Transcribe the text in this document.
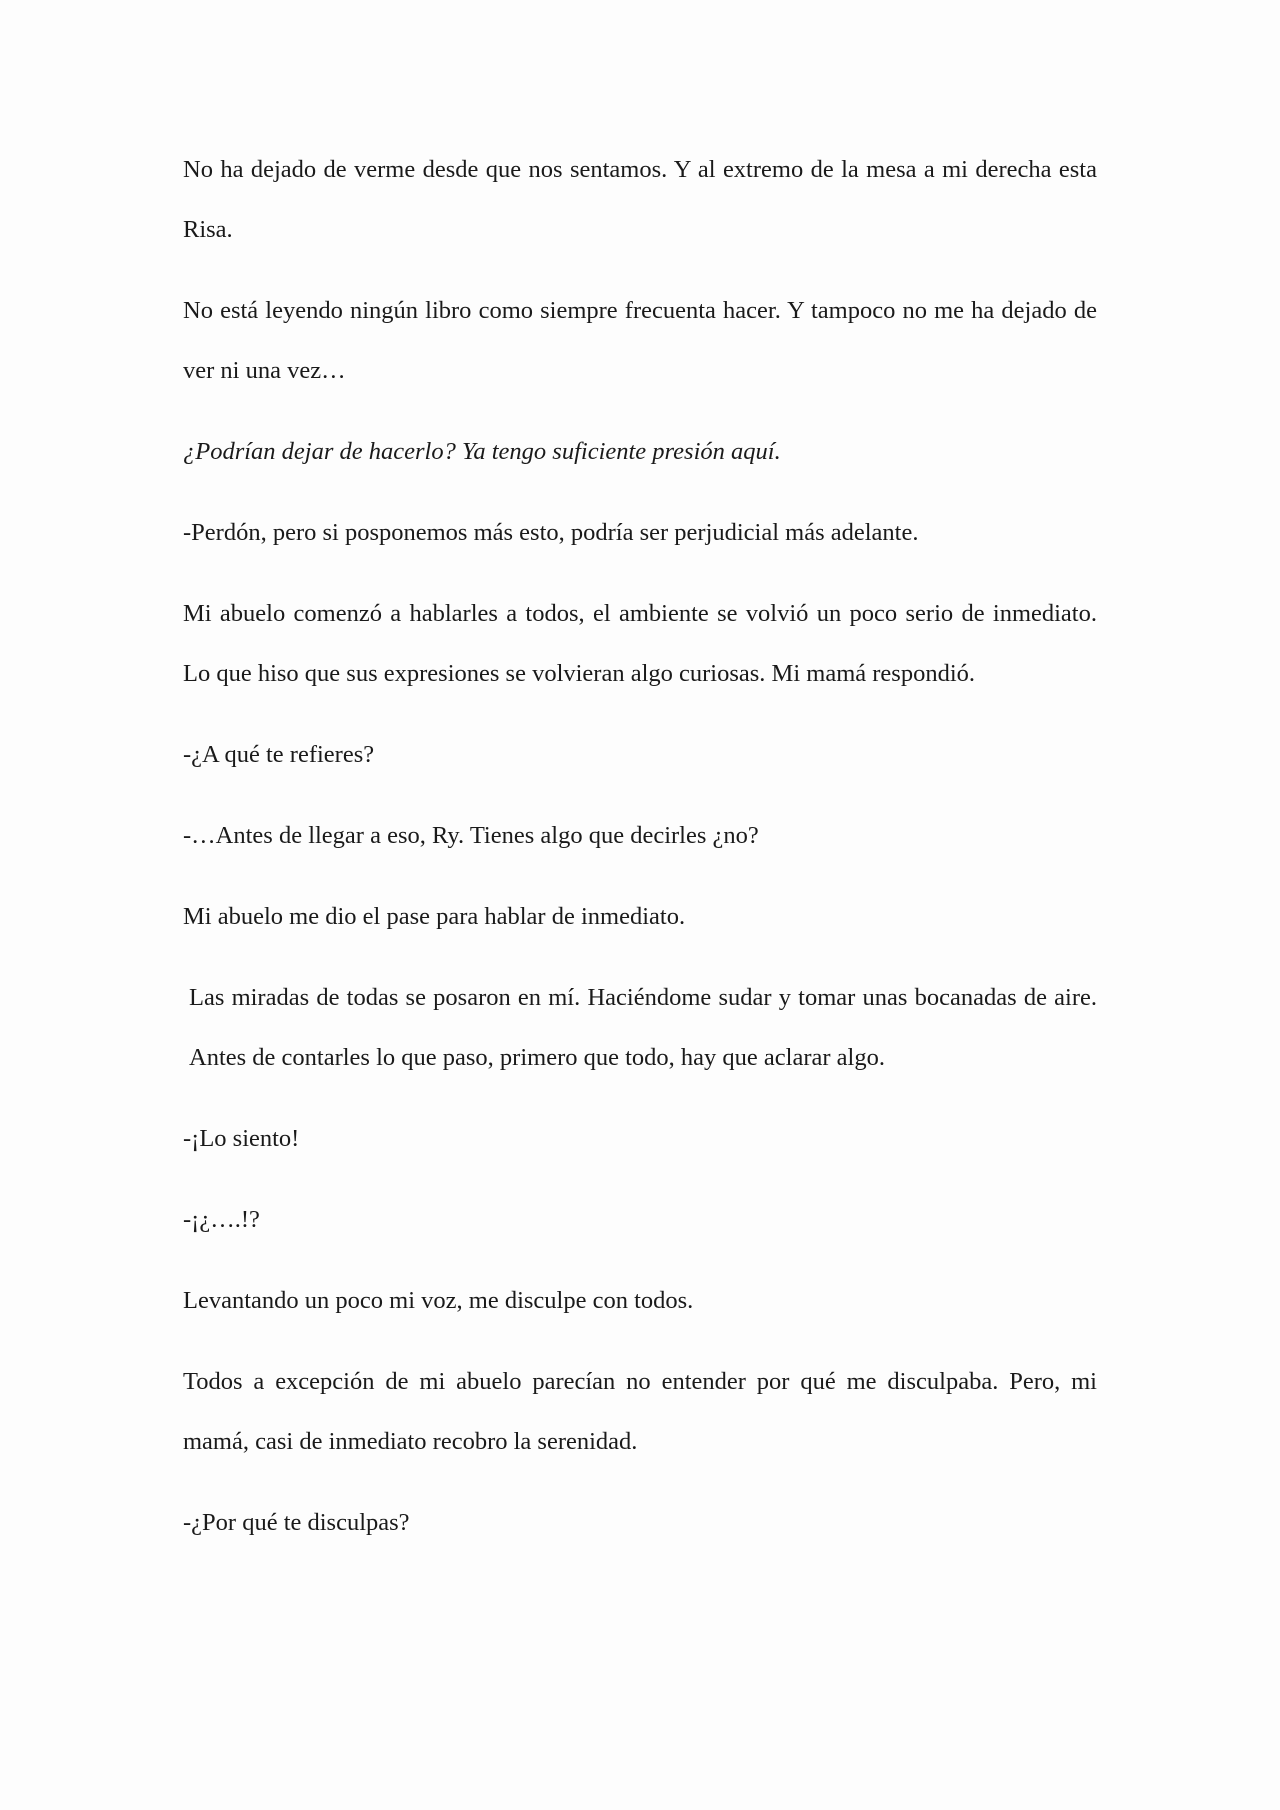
No ha dejado de verme desde que nos sentamos. Y al extremo de la mesa a mi derecha esta Risa.

No está leyendo ningún libro como siempre frecuenta hacer. Y tampoco no me ha dejado de ver ni una vez…

¿Podrían dejar de hacerlo? Ya tengo suficiente presión aquí.

-Perdón, pero si posponemos más esto, podría ser perjudicial más adelante.

Mi abuelo comenzó a hablarles a todos, el ambiente se volvió un poco serio de inmediato. Lo que hiso que sus expresiones se volvieran algo curiosas. Mi mamá respondió.

-¿A qué te refieres?

-…Antes de llegar a eso, Ry. Tienes algo que decirles ¿no?

Mi abuelo me dio el pase para hablar de inmediato.

Las miradas de todas se posaron en mí. Haciéndome sudar y tomar unas bocanadas de aire. Antes de contarles lo que paso, primero que todo, hay que aclarar algo.

-¡Lo siento!

-¡¿….!?

Levantando un poco mi voz, me disculpe con todos.

Todos a excepción de mi abuelo parecían no entender por qué me disculpaba. Pero, mi mamá, casi de inmediato recobro la serenidad.

-¿Por qué te disculpas?
